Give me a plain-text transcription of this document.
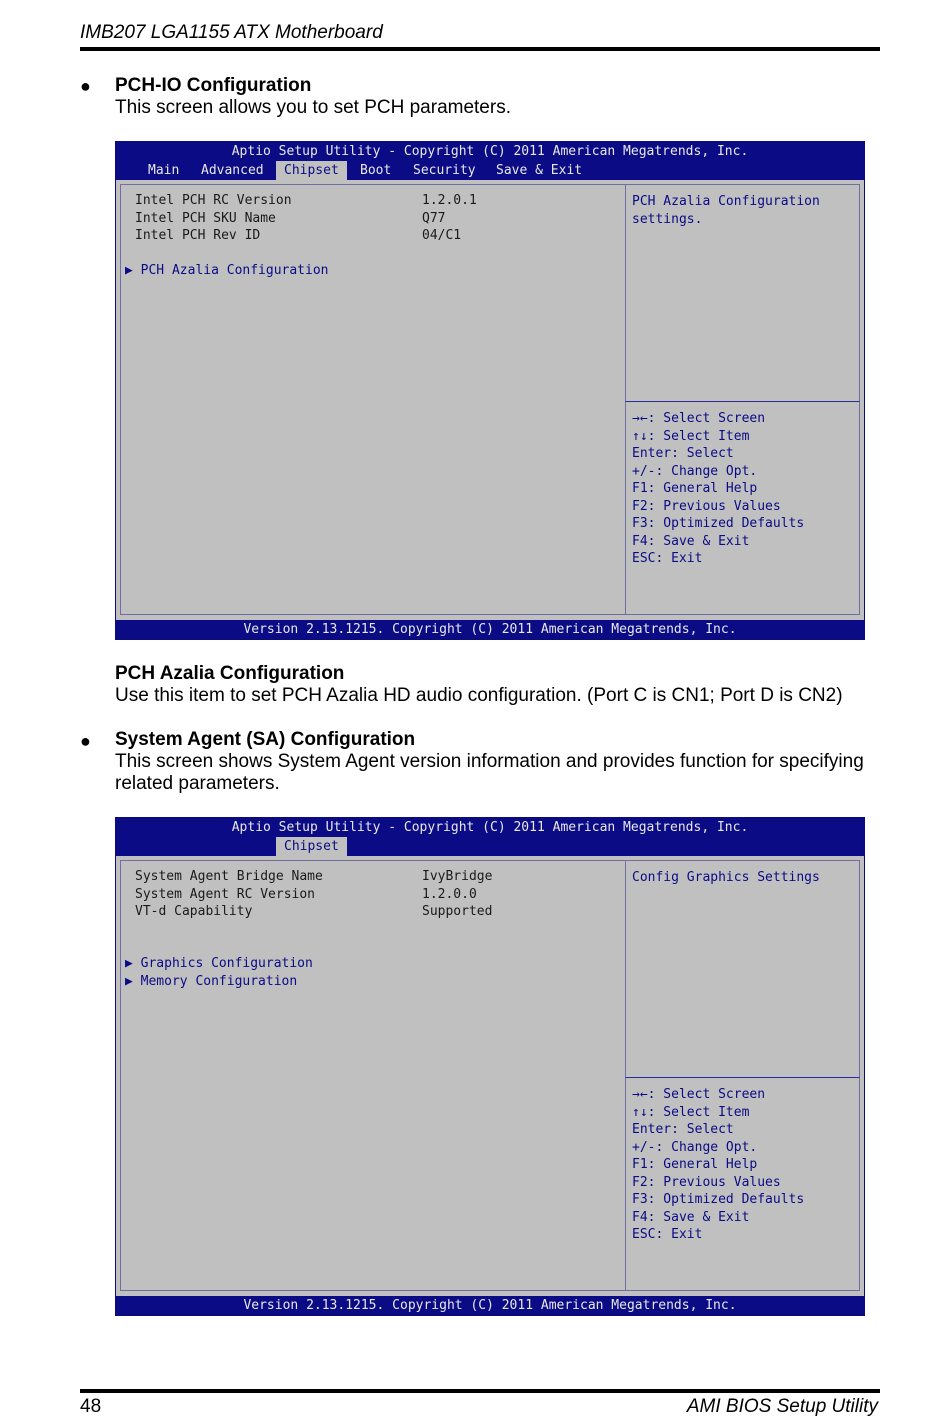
IMB207 LGA1155 ATX Motherboard
● PCH-IO Configuration
This screen allows you to set PCH parameters.
Aptio Setup Utility - Copyright (C) 2011 American Megatrends, Inc.
Main	Advanced	Chipset	Boot	Security	Save & Exit
Intel PCH RC Version	1.2.0.1
Intel PCH SKU Name	Q77
Intel PCH Rev ID	04/C1
▶ PCH Azalia Configuration
PCH Azalia Configuration settings.
→←: Select Screen
↑↓: Select Item
Enter: Select
+/-: Change Opt.
F1: General Help
F2: Previous Values
F3: Optimized Defaults
F4: Save & Exit
ESC: Exit
Version 2.13.1215. Copyright (C) 2011 American Megatrends, Inc.
PCH Azalia Configuration
Use this item to set PCH Azalia HD audio configuration. (Port C is CN1; Port D is CN2)
● System Agent (SA) Configuration
This screen shows System Agent version information and provides function for specifying related parameters.
Aptio Setup Utility - Copyright (C) 2011 American Megatrends, Inc.
Chipset
System Agent Bridge Name	IvyBridge
System Agent RC Version	1.2.0.0
VT-d Capability	Supported
▶ Graphics Configuration
▶ Memory Configuration
Config Graphics Settings
→←: Select Screen
↑↓: Select Item
Enter: Select
+/-: Change Opt.
F1: General Help
F2: Previous Values
F3: Optimized Defaults
F4: Save & Exit
ESC: Exit
Version 2.13.1215. Copyright (C) 2011 American Megatrends, Inc.
48	AMI BIOS Setup Utility
